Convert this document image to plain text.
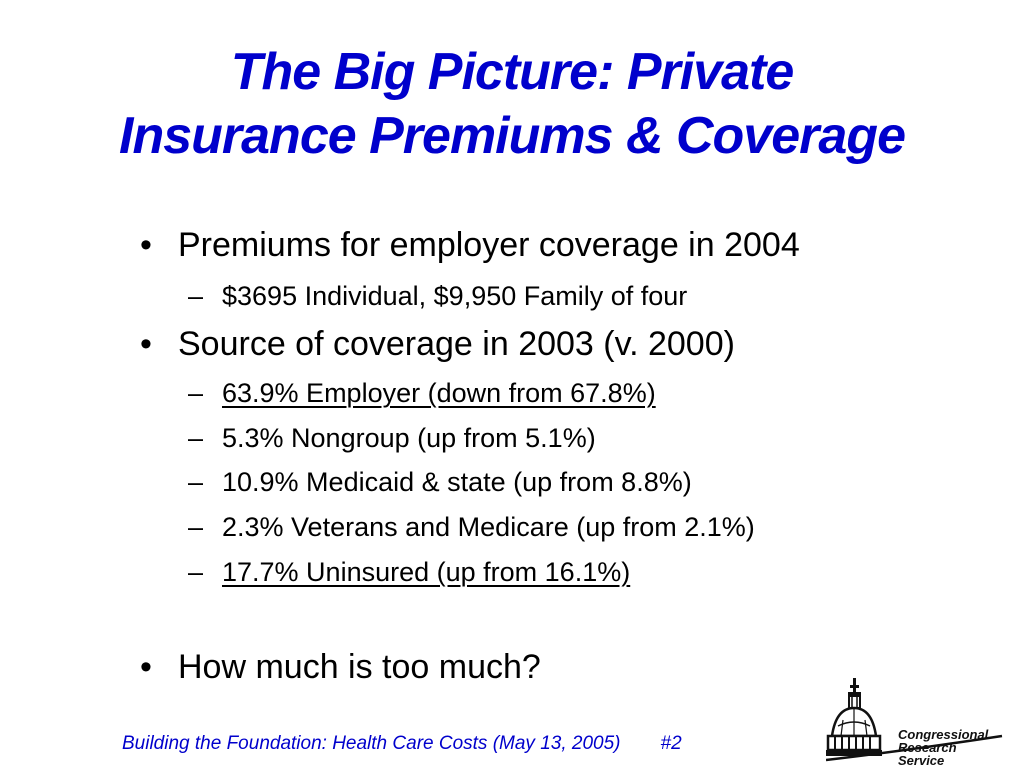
The Big Picture: Private
Insurance Premiums & Coverage
• Premiums for employer coverage in 2004
– $3695 Individual, $9,950 Family of four
• Source of coverage in 2003 (v. 2000)
– 63.9% Employer (down from 67.8%)
– 5.3% Nongroup (up from 5.1%)
– 10.9% Medicaid & state (up from 8.8%)
– 2.3% Veterans and Medicare (up from 2.1%)
– 17.7% Uninsured (up from 16.1%)
• How much is too much?
Building the Foundation: Health Care Costs (May 13, 2005) #2	Congressional
Research
Service
